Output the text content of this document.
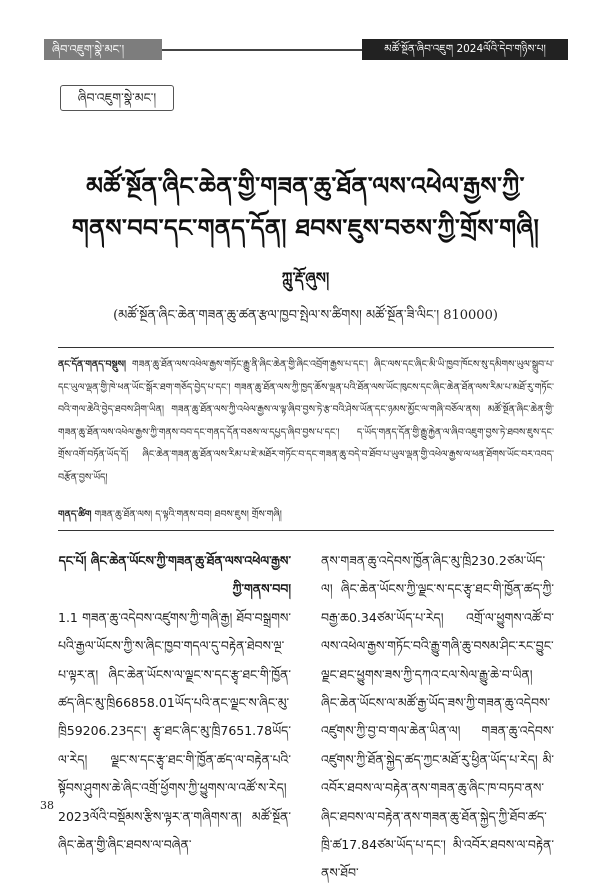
ཞིབ་འཇུག་སྣེ་མང་།	མཚོ་སྔོན་ཞིབ་འཇུག 2024ལོའི་དེབ་གཉིས་པ།
ཞིབ་འཇུག་སྣེ་མང་།
མཚོ་སྔོན་ཞིང་ཆེན་གྱི་གཟན་ཆུ་ཐོན་ལས་འཕེལ་རྒྱས་ཀྱི་
གནས་བབ་དང་གནད་དོན། ཐབས་ཇུས་བཅས་ཀྱི་གྲོས་གཞི།
ཀླུ་རྡོ་ཞུས།
(མཚོ་སྔོན་ཞིང་ཆེན་གཟན་ཆུ་ཚན་རྩལ་ཁྱབ་སྤེལ་ས་ཚིགས། མཚོ་སྔོན་ཟི་ལིང་། 810000)
ནང་དོན་གནད་བསྡུས། གཟན་ཆུ་ཐོན་ལས་འཕེལ་རྒྱས་གཏོང་རྒྱུ་ནི་ཞིང་ཆེན་གྱི་ཞིང་འབྲོག་རྒྱས་པ་དང་། ཞིང་ལས་དང་ཞིང་མི་ཡི་ཁྱབ་ཁོངས་སུ་དམིགས་ཡུལ་སྒྲུབ་པ་དང་ཡུལ་ལྡན་གྱི་ཁེ་ཕན་ཡོང་སྒོར་ཐག་གཅོད་བྱེད་པ་དང་། གཟན་ཆུ་ཐོན་ལས་ཀྱི་ཁྱད་ཆོས་ལྡན་པའི་ཐོན་ལས་ཡོང་ཁུངས་དང་ཞིང་ཆེན་ཐོན་ལས་རིམ་པ་མཐོ་རུ་གཏོང་བའི་གལ་ཆེའི་བྱེད་ཐབས་ཤིག་ཡིན། གཟན་ཆུ་ཐོན་ལས་ཀྱི་འཕེལ་རྒྱས་ལ་ལྟ་ཞིབ་བྱས་ཏེ་རྩ་བའི་ཤེས་ཡོན་དང་ཉམས་མྱོང་ལ་གཞི་བཅོལ་ནས། མཚོ་སྔོན་ཞིང་ཆེན་གྱི་གཟན་ཆུ་ཐོན་ལས་འཕེལ་རྒྱས་ཀྱི་གནས་བབ་དང་གནད་དོན་བཅས་ལ་དཔྱད་ཞིབ་བྱས་པ་དང་། ད་ཡོད་གནད་དོན་གྱི་རྒྱུ་རྐྱེན་ལ་ཞིབ་འཇུག་བྱས་ཏེ་ཐབས་ཇུས་དང་གྲོས་འགོ་བཏོན་ཡོད་དོ། ཞིང་ཆེན་གཟན་ཆུ་ཐོན་ལས་རིམ་པ་ཇེ་མཐོར་གཏོང་བ་དང་གཟན་ཆུ་བདེ་བ་ཐོབ་པ་ཡུལ་ལྡན་གྱི་འཕེལ་རྒྱས་ལ་ཕན་ཐོགས་ཡོང་བར་འབད་བརྩོན་བྱས་ཡོད།
གནད་ཚིག གཟན་ཆུ་ཐོན་ལས། ད་ལྟའི་གནས་བབ། ཐབས་ཇུས། གྲོས་གཞི།
དང་པོ། ཞིང་ཆེན་ཡོངས་ཀྱི་གཟན་ཆུ་ཐོན་ལས་འཕེལ་རྒྱས་ཀྱི་གནས་བབ།
1.1 གཟན་ཆུ་འདེབས་འཛུགས་ཀྱི་གཞི་རྒྱ། ཐོབ་བསྒྲགས་པའི་རྒྱལ་ཡོངས་ཀྱི་ས་ཞིང་ཁྱབ་གདལ་དུ་བརྟེན་ཐེབས་ལྔ་པ་ལྟར་ན། ཞིང་ཆེན་ཡོངས་ལ་ལྗང་ས་དང་རྩྭ་ཐང་གི་ཁྱོན་ཚད་ཞིང་མུ་ཁྲི66858.01ཡོད་པའི་ནང་ལྗང་ས་ཞིང་མུ་ཁྲི59206.23དང་། རྩྭ་ཐང་ཞིང་མུ་ཁྲི7651.78ཡོད་ལ་རེད། ལྗང་ས་དང་རྩྭ་ཐང་གི་ཁྱོན་ཚད་ལ་བརྟེན་པའི་སྟོབས་ཤུགས་ཆེ་ཞིང་འགྲོ་ཕྱོགས་ཀྱི་ཕྱུགས་ལ་འཚོ་ས་རེད། 2023ལོའི་བསྡོམས་རྩིས་ལྟར་ན་གཞིགས་ན། མཚོ་སྔོན་ཞིང་ཆེན་གྱི་ཞིང་ཐབས་ལ་བཞེན་
ནས་གཟན་ཆུ་འདེབས་ཁྱོན་ཞིང་མུ་ཁྲི230.2ཙམ་ཡོད་ལ། ཞིང་ཆེན་ཡོངས་ཀྱི་ལྗང་ས་དང་རྩྭ་ཐང་གི་ཁྱོན་ཚད་ཀྱི་བརྒྱ་ཆ0.34ཙམ་ཡོད་པ་རེད། འགྲོ་ལ་ཕྱུགས་འཚོ་བ་ལས་འཕེལ་རྒྱས་གཏོང་བའི་རྒྱུ་གཞི་ཆུ་བསམ་ཤིང་རང་བྱུང་ལྗང་ཐང་ཕྱུགས་ཟས་ཀྱི་དཀའ་ངལ་སེལ་རྒྱུ་ཆེ་བ་ཡིན། ཞིང་ཆེན་ཡོངས་ལ་མཚོ་རྒྱ་ཡོད་ཟས་ཀྱི་གཟན་ཆུ་འདེབས་འཛུགས་ཀྱི་བྱ་བ་གལ་ཆེན་ཡིན་ལ། གཟན་ཆུ་འདེབས་འཛུགས་ཀྱི་ཐོན་སྐྱེད་ཚད་ཀྱང་མཐོ་རུ་ཕྱིན་ཡོད་པ་རེད། མི་འབོར་ཐབས་ལ་བརྟེན་ནས་གཟན་ཆུ་ཞིང་ཁ་བཏབ་ནས་ཞིང་ཐབས་ལ་བརྟེན་ནས་གཟན་ཆུ་ཐོན་སྐྱེད་ཀྱི་ཐོབ་ཚད་ཁྲི་ཚ17.84ཙམ་ཡོད་པ་དང་། མི་འབོར་ཐབས་ལ་བརྟེན་ནས་ཐོབ་
38
